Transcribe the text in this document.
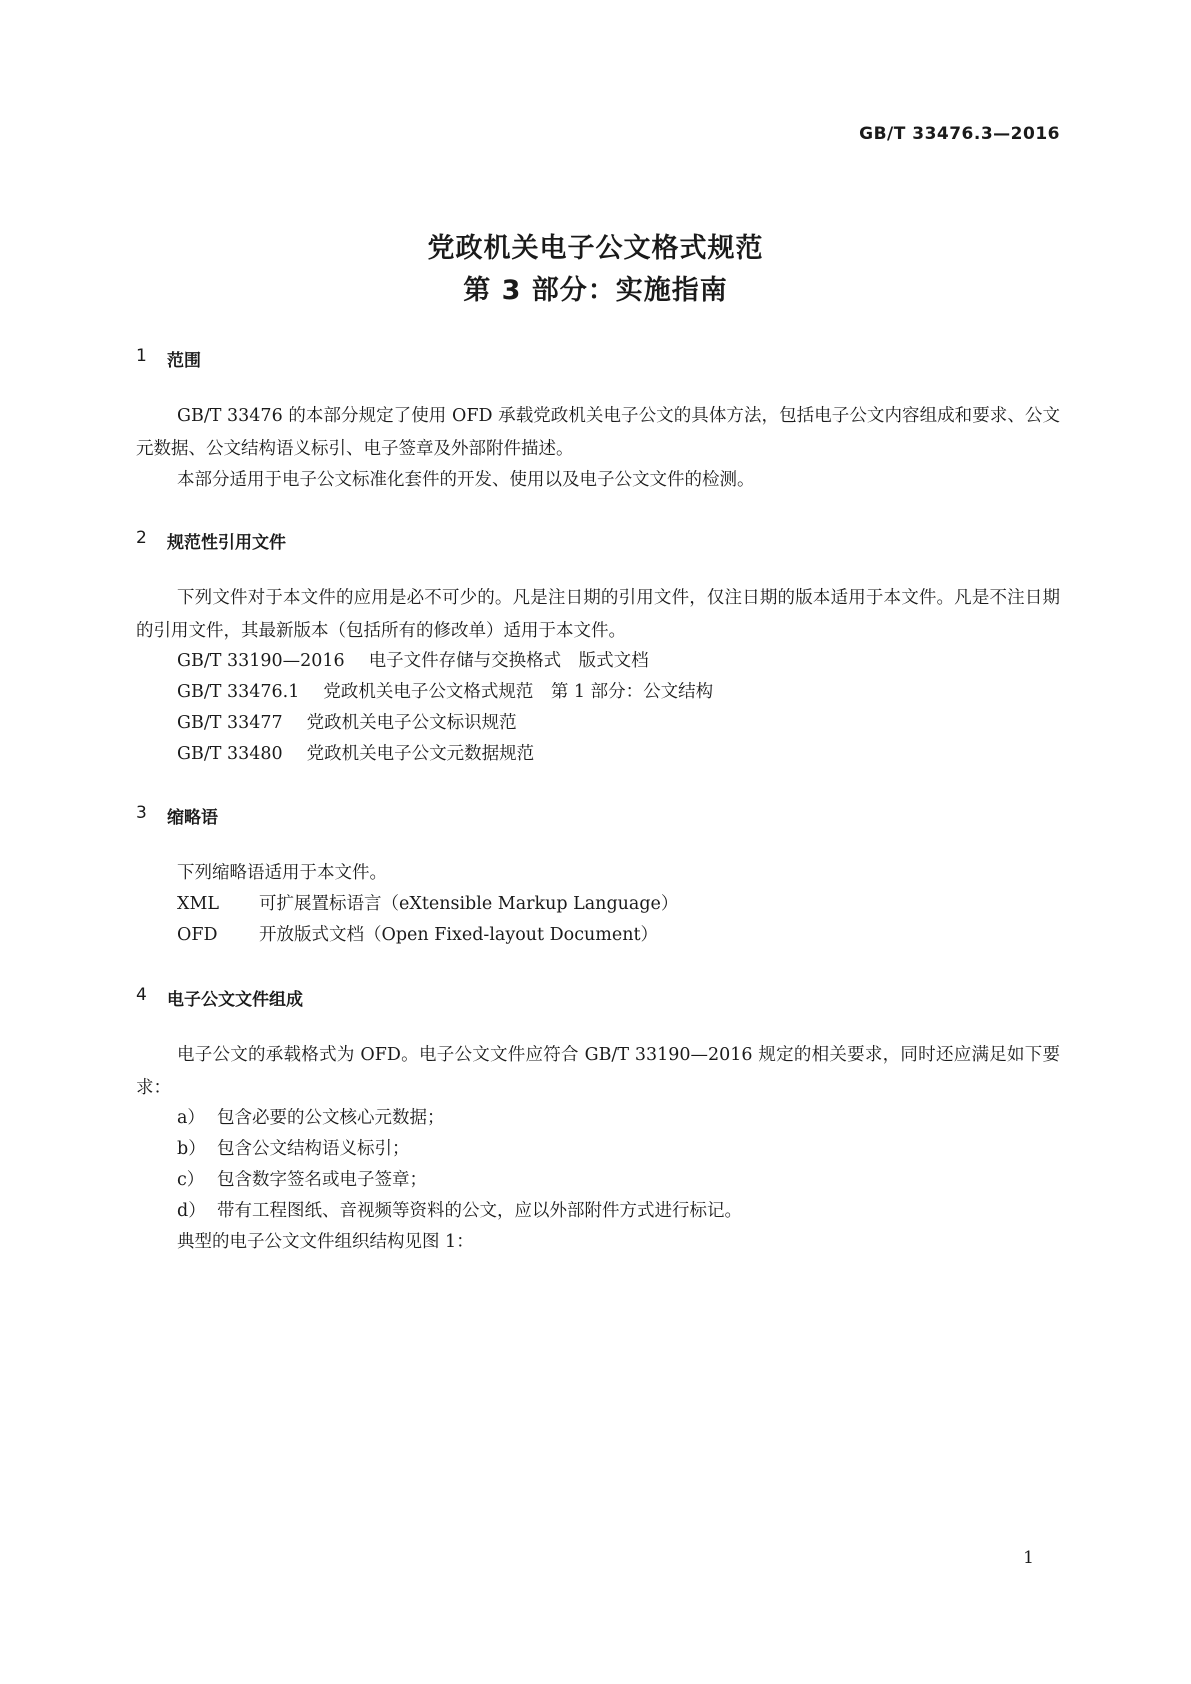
GB/T 33476.3—2016
党政机关电子公文格式规范
第 3 部分：实施指南
1	范围

GB/T 33476 的本部分规定了使用 OFD 承载党政机关电子公文的具体方法，包括电子公文内容组成和要求、公文元数据、公文结构语义标引、电子签章及外部附件描述。

本部分适用于电子公文标准化套件的开发、使用以及电子公文文件的检测。

2	规范性引用文件

下列文件对于本文件的应用是必不可少的。凡是注日期的引用文件，仅注日期的版本适用于本文件。凡是不注日期的引用文件，其最新版本（包括所有的修改单）适用于本文件。

GB/T 33190—2016 电子文件存储与交换格式　版式文档
GB/T 33476.1 党政机关电子公文格式规范　第 1 部分：公文结构
GB/T 33477 党政机关电子公文标识规范
GB/T 33480 党政机关电子公文元数据规范
3	缩略语

下列缩略语适用于本文件。

XML 可扩展置标语言（eXtensible Markup Language）
OFD 开放版式文档（Open Fixed-layout Document）
4	电子公文文件组成

电子公文的承载格式为 OFD。电子公文文件应符合 GB/T 33190—2016 规定的相关要求，同时还应满足如下要求：

a） 包含必要的公文核心元数据；
b） 包含公文结构语义标引；
c） 包含数字签名或电子签章；
d） 带有工程图纸、音视频等资料的公文，应以外部附件方式进行标记。
典型的电子公文文件组织结构见图 1：
1
